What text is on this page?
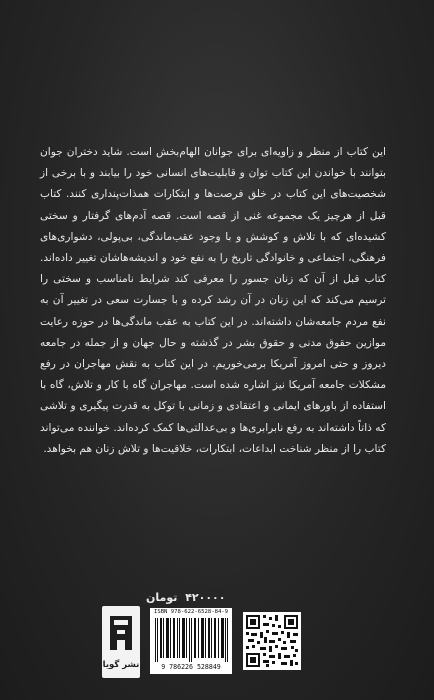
این کتاب از منظر و زاویه‌ای برای جوانان الهام‌بخش است. شاید دختران جوان بتوانند با خواندن این کتاب توان و قابلیت‌های انسانی خود را بیابند و با برخی از شخصیت‌های این کتاب در خلق فرصت‌ها و ابتکارات همذات‌پنداری کنند. کتاب قبل از هرچیز یک مجموعه غنی از قصه است. قصه آدم‌های گرفتار و سختی کشیده‌ای که با تلاش و کوشش و با وجود عقب‌ماندگی، بی‌پولی، دشواری‌های فرهنگی، اجتماعی و خانوادگی تاریخ را به نفع خود و اندیشه‌هاشان تغییر داده‌اند. کتاب قبل از آن که زنان جسور را معرفی کند شرایط نامناسب و سختی را ترسیم می‌کند که این زنان در آن رشد کرده و با جسارت سعی در تغییر آن به نفع مردم جامعه‌شان داشته‌اند. در این کتاب به عقب ماندگی‌ها در حوزه رعایت موازین حقوق مدنی و حقوق بشر در گذشته و حال جهان و از جمله در جامعه دیروز و حتی امروز آمریکا برمی‌خوریم. در این کتاب به نقش مهاجران در رفع مشکلات جامعه آمریکا نیز اشاره شده است. مهاجران گاه با کار و تلاش، گاه با استفاده از باورهای ایمانی و اعتقادی و زمانی با توکل به قدرت پیگیری و تلاشی که ذاتاً داشته‌اند به رفع نابرابری‌ها و بی‌عدالتی‌ها کمک کرده‌اند. خواننده می‌تواند کتاب را از منظر شناخت ابداعات، ابتکارات، خلاقیت‌ها و تلاش زنان هم بخواهد.

۴۲۰۰۰۰ تومان
نشر گویا
ISBN 978-622-6528-84-9
9 786226 528849
